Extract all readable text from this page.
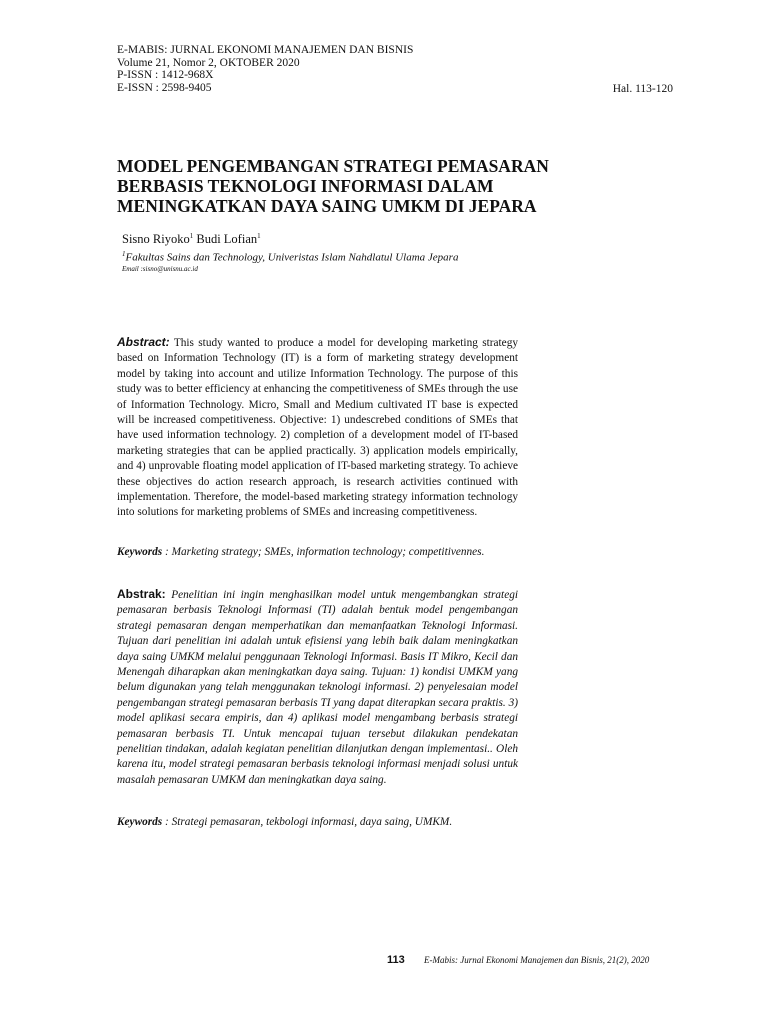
E-MABIS: JURNAL EKONOMI MANAJEMEN DAN BISNIS
Volume 21, Nomor 2, OKTOBER 2020
P-ISSN : 1412-968X
E-ISSN : 2598-9405	Hal. 113-120
MODEL PENGEMBANGAN STRATEGI PEMASARAN BERBASIS TEKNOLOGI INFORMASI DALAM MENINGKATKAN DAYA SAING UMKM DI JEPARA
Sisno Riyoko$^1$ Budi Lofian$^1$
$^1$Fakultas Sains dan Technology, Univeristas Islam Nahdlatul Ulama Jepara
Email :sisno@unisnu.ac.id
Abstract: This study wanted to produce a model for developing marketing strategy based on Information Technology (IT) is a form of marketing strategy development model by taking into account and utilize Information Technology. The purpose of this study was to better efficiency at enhancing the competitiveness of SMEs through the use of Information Technology. Micro, Small and Medium cultivated IT base is expected will be increased competitiveness. Objective: 1) undescrebed conditions of SMEs that have used information technology. 2) completion of a development model of IT-based marketing strategies that can be applied practically. 3) application models empirically, and 4) unprovable floating model application of IT-based marketing strategy. To achieve these objectives do action research approach, is research activities continued with implementation. Therefore, the model-based marketing strategy information technology into solutions for marketing problems of SMEs and increasing competitiveness.
Keywords : Marketing strategy; SMEs, information technology; competitivennes.
Abstrak: Penelitian ini ingin menghasilkan model untuk mengembangkan strategi pemasaran berbasis Teknologi Informasi (TI) adalah bentuk model pengembangan strategi pemasaran dengan memperhatikan dan memanfaatkan Teknologi Informasi. Tujuan dari penelitian ini adalah untuk efisiensi yang lebih baik dalam meningkatkan daya saing UMKM melalui penggunaan Teknologi Informasi. Basis IT Mikro, Kecil dan Menengah diharapkan akan meningkatkan daya saing. Tujuan: 1) kondisi UMKM yang belum digunakan yang telah menggunakan teknologi informasi. 2) penyelesaian model pengembangan strategi pemasaran berbasis TI yang dapat diterapkan secara praktis. 3) model aplikasi secara empiris, dan 4) aplikasi model mengambang berbasis strategi pemasaran berbasis TI. Untuk mencapai tujuan tersebut dilakukan pendekatan penelitian tindakan, adalah kegiatan penelitian dilanjutkan dengan implementasi.. Oleh karena itu, model strategi pemasaran berbasis teknologi informasi menjadi solusi untuk masalah pemasaran UMKM dan meningkatkan daya saing.
Keywords : Strategi pemasaran, tekbologi informasi, daya saing, UMKM.
113 E-Mabis: Jurnal Ekonomi Manajemen dan Bisnis, 21(2), 2020
